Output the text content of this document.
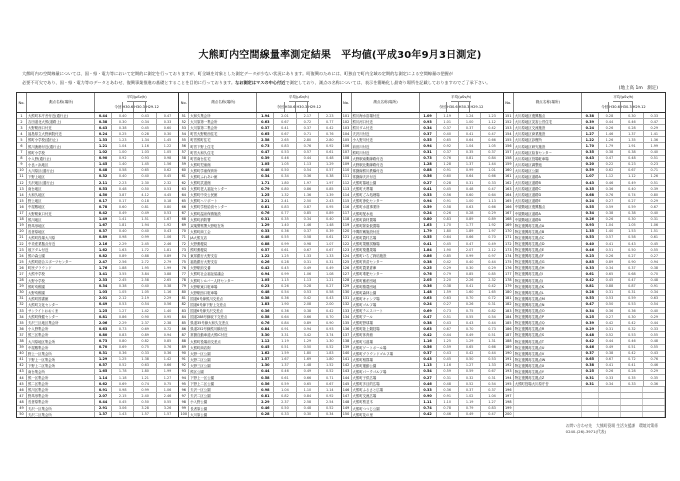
大熊町内空間線量率測定結果　平均値(平成30年9月3日測定)
大熊町内の空間線量については、国・県・電力等において定期的に測定を行っておりますが、町全域を対象とした測定データが少ない状況にあります。町復興のためには、町独自で町内全域の定期的な測定による空間線量の把握が
必要不可欠であり、国・県・電力等のデータとあわせ、復興事業推進の基礎とすることを目的に行っております。なお測定はマスの中心付近で測定しており、測点の名称については、表示を簡略化し最寄り場所を記載しておりますのでご了承下さい。
(地上高 1m　測定)
No.	測点名称(場所)
平均(μSv/h)
今回 H30.6 H30.3 H29.12
1	大熊町本庁舎付近(通行止)	0.44	0.40	0.43	0.47
2	吉田道北大熊(道路上)	0.38	0.30	0.34	0.33
3	大野駅西口付近	0.43	0.38	0.45	0.60
4	福島県立大野病院付近	0.24	0.25	0.28	0.30
5	熊町小学校(通行止)	1.33	1.23	1.34	1.45
6	熊川漁港付近(通行止)	1.21	1.04	1.16	1.22
7	熊町小学校	1.02	1.00	1.03	1.05
8	小入野(通行止)	0.90	0.92	0.93	0.98
9	小良ヶ浜地区	1.45	1.40	1.45	1.56
10	大川原区(通行止)	0.48	0.58	0.65	0.62
11	下野上地区	0.32	0.40	0.40	0.45
12	夫沢地区(通行止)	2.11	2.23	2.30	2.32
13	南台地区	0.53	0.48	0.50	0.53
14	大和久地区	4.50	3.87	4.12	4.45
15	野上地区	0.17	0.17	0.18	0.18
16	中屋敷地区	0.78	0.60	0.81	0.80
17	大野駅東口付近	0.42	0.49	0.49	0.53
18	熊川地区	1.49	1.41	1.51	1.67
19	野馬形地区	1.67	1.81	1.94	1.92
20	長者原地区	0.37	0.40	0.40	0.43
21	大熊町役場大川原	0.89	0.98	0.99	1.06
22	中央産業拠点付近	2.16	2.29	2.45	2.46
23	坂下ダム付近	1.62	1.63	1.72	1.81
24	熊の森公園	0.82	0.89	0.88	0.89
25	大熊町総合スポーツセンター	2.47	2.56	2.72	2.79
26	町民グラウンド	1.76	1.88	1.95	1.99
27	大熊中学校	3.41	3.55	3.84	3.88
28	大野小学校	2.33	2.45	2.58	2.65
29	熊町幼稚園	0.34	0.38	0.40	0.38
30	大野幼稚園	1.03	1.05	1.05	1.16
31	大熊町図書館	2.01	2.12	2.19	2.29
32	大熊町文化センター	0.49	0.53	0.54	0.56
33	サンライトおおくま	1.25	1.27	1.42	1.40
34	大熊町保健センター	0.81	0.86	0.90	0.95
35	夫沢三区地区集会所	2.06	2.29	2.37	2.38
36	小入野集会所	0.63	0.73	0.69	0.72
37	熊三区集会所	0.80	0.83	0.89	0.94
38	大川原地区集会所	0.73	0.80	0.82	0.85
39	中屋敷集会所	0.70	0.69	0.75	0.76
40	野上一区集会所	0.31	0.36	0.33	0.36
41	下野上一区集会所	1.29	1.25	1.38	1.42
42	下野上二区集会所	0.57	0.52	0.63	0.66
43	南台集会所	1.65	1.78	1.80	1.99
44	熊一区集会所	1.14	1.18	1.21	1.27
45	熊二区集会所	0.62	0.69	0.74	0.75
46	熊川区集会所	0.91	0.98	0.99	1.06
47	野馬形集会所	2.07	2.15	2.40	2.46
48	長者原集会所	0.44	0.45	0.50	0.55
49	夫沢一区集会所	2.91	3.06	3.28	3.26
50	夫沢二区集会所	1.37	1.43	1.57	1.57
No.	測点名称(場所)
平均(μSv/h)
今回 H30.6 H30.3 H29.12
51	大和久集会所	1.94	2.01	2.17	2.23
52	大川原第一集会所	0.63	0.67	0.72	0.77
53	大川原第二集会所	0.37	0.41	0.37	0.42
54	町営大野駅西住宅	0.65	0.67	0.71	0.76
55	町営熊町住宅	2.58	2.65	2.80	2.80
56	町営下野上住宅	0.73	0.83	0.76	0.92
57	町営大和久住宅	0.47	0.53	0.57	0.61
58	町営南台住宅	0.39	0.46	0.44	0.48
59	大熊町児童館	1.05	1.05	1.13	1.29
60	大熊町学童保育所	0.48	0.50	0.54	0.57
61	大熊町ふれあい館	0.34	0.34	0.36	0.38
62	大熊町武道館	1.71	1.80	1.97	1.97
63	大熊町老人福祉センター	0.79	0.80	0.86	0.85
64	大熊町中央公民館	1.25	1.32	1.36	1.39
65	大熊町ヘリポート	2.21	2.41	2.50	2.43
66	大熊町学校給食センター	0.81	0.83	0.87	0.95
67	大熊町温泉保養施設	0.76	0.77	0.85	0.89
68	大熊町消防署	0.31	0.35	0.34	0.40
69	双葉警察署大野駐在所	1.29	1.40	1.46	1.48
70	大熊町商工会	0.33	0.36	0.37	0.39
71	JA大熊支店	0.48	0.55	0.58	0.61
72	大野郵便局	0.88	0.99	0.98	1.07
73	熊町郵便局	0.57	0.61	0.67	0.67
74	東邦銀行大野支店	1.22	1.25	1.33	1.33
75	福島銀行大野支店	0.26	0.28	0.31	0.31
76	大野駅前交番	0.42	0.45	0.49	0.49
77	大熊町社会福祉協議会	0.94	0.99	1.06	1.08
78	大熊町シルバー人材センター	1.05	1.15	1.13	1.21
79	大野駅東口駐車場	0.23	0.26	0.28	0.27
80	大野駅西口駐車場	0.48	0.54	0.53	0.58
81	国道6号線熊川交差点	0.38	0.36	0.42	0.43
82	国道6号線下野上交差点	1.83	1.90	2.08	2.00
83	国道6号線夫沢交差点	0.36	0.36	0.38	0.42
84	国道288号線坂下交差点	0.58	0.64	0.66	0.70
85	県道35号線大和久交差点	0.76	0.84	0.89	0.90
86	県道252号線熊川橋付近	0.84	0.91	0.94	0.93
87	常磐自動車道大熊IC付近	3.30	3.31	3.42	3.74
88	大熊町役場前交差点	1.12	1.19	1.29	1.30
89	大熊町商店街	0.45	0.51	0.50	0.52
90	大野一区公園	1.62	1.59	1.80	1.83
91	大野二区公園	1.57	1.67	1.69	1.80
92	大野三区公園	1.30	1.37	1.48	1.52
93	熊区公園	0.44	0.46	0.49	0.52
94	下野上一区公園	0.58	0.61	0.66	0.71
95	下野上二区公園	0.56	0.59	0.65	0.67
96	夫沢一区公園	0.98	1.04	1.10	1.14
97	夫沢二区公園	0.81	0.82	0.84	0.92
98	小入野公園	2.29	2.37	2.58	2.54
99	長者原公園	0.46	0.50	0.48	0.52
100 大川原公園	0.28	0.33	0.30	0.34
No.	測点名称(場所)
平均(μSv/h)
今回 H30.6 H30.3 H29.12
101 熊川海水浴場付近	1.09	1.19	1.24	1.23
102 熊川河口付近	0.93	1.01	1.00	1.12
103 熊川ダム付近	0.34	0.37	0.37	0.42
104 夫沢川付近	0.37	0.40	0.41	0.47
105 小入野川付近	0.55	0.65	0.64	0.66
106 前田川付近	0.94	0.92	1.04	1.05
107 熊町川付近	0.31	0.37	0.35	0.37
108 大野駅南側線路付近	0.73	0.76	0.81	0.84
109 大野駅北側線路付近	1.28	1.28	1.37	1.44
110 常磐線熊川鉄橋付近	0.88	0.91	0.99	1.01
111 常磐線夫沢付近	0.56	0.60	0.64	0.66
112 大熊町墓地公園	0.27	0.28	0.31	0.33
113 大熊町火葬場	0.41	0.45	0.48	0.47
114 大熊町ごみ処理場	0.53	0.56	0.60	0.64
115 大熊町浄化センター	0.94	0.91	1.00	1.13
116 大熊町水道事業所	0.59	0.58	0.63	0.66
117 大熊町配水池	0.24	0.26	0.28	0.29
118 大熊町資材置場	0.80	0.83	0.89	0.89
119 大熊町除染仮置場	1.63	1.70	1.77	1.92
120 中間貯蔵施設付近	1.79	1.80	1.89	1.97
121 大熊町農村広場	0.55	0.64	0.66	0.70
122 大熊町果樹試験場	0.41	0.45	0.47	0.49
123 大熊町梨選果場	1.84	1.90	2.07	2.12
124 大熊町いちご栽培施設	0.86	0.85	0.99	0.97
125 大熊町育苗センター	0.38	0.42	0.40	0.44
126 大熊町農業倉庫	0.25	0.29	0.30	0.29
127 大熊町堆肥センター	0.76	0.79	0.85	0.85
128 大熊町畜産団地	2.05	2.20	2.26	2.32
129 大熊町酪農団地	0.36	0.38	0.41	0.42
130 大熊町森林公園	1.48	1.59	1.60	1.65
131 大熊町キャンプ場	0.63	0.63	0.70	0.72
132 大熊町ゴルフ場	0.24	0.27	0.26	0.31
133 大熊町テニスコート	0.69	0.73	0.75	0.82
134 大熊町プール	0.47	0.51	0.55	0.54
135 大熊町野球場	0.38	0.43	0.43	0.44
136 大熊町陸上競技場	0.63	0.67	0.70	0.73
137 大熊町体育館	0.42	0.44	0.49	0.51
138 大熊町弓道場	1.16	1.25	1.29	1.31
139 大熊町ゲートボール場	0.56	0.59	0.65	0.66
140 大熊町グラウンドゴルフ場	0.37	0.43	0.42	0.44
141 大熊町相撲場	0.43	0.45	0.50	0.53
142 大熊町運動公園	1.13	1.16	1.27	1.33
143 大熊町パークゴルフ場	0.54	0.59	0.59	0.67
144 大熊町子供広場	0.27	0.31	0.32	0.31
145 大熊町多目的広場	0.46	0.48	0.52	0.54
146 大熊町ふるさと広場	0.33	0.36	0.37	0.37
147 大熊町交流広場	0.90	0.91	1.02	1.04
148 大熊町桜並木	1.11	1.10	1.19	1.27
149 大熊町つつじ公園	0.74	0.78	0.79	0.83
150 大熊町花の里	0.42	0.46	0.49	0.47
No.	測点名称(場所)
平均(μSv/h)
今回 H30.6 H30.3 H29.12
151 大川原地区復興拠点	0.38	0.28	0.30	0.33
152 大川原地区災害公営住宅	0.39	0.44	0.46	0.47
153 大川原地区交流施設	0.24	0.26	0.28	0.29
154 大川原地区商業施設	1.27	1.46	1.37	1.41
155 大川原地区診療所	1.22	1.26	1.35	1.36
156 大川原地区研究施設	1.70	1.79	1.91	1.99
157 大川原地区給食センター	0.35	0.38	0.38	0.40
158 大川原地区役場駐車場	0.43	0.47	0.48	0.51
159 大川原地区調整池	0.20	0.22	0.23	0.23
160 大川原地区公園	0.59	0.62	0.67	0.71
161 大川原地区道路A	1.07	1.12	1.12	1.26
162 大川原地区道路B	0.43	0.46	0.49	0.51
163 大川原地区道路C	0.35	0.36	0.40	0.39
164 大川原地区道路D	0.68	0.76	0.74	0.80
165 大川原地区道路E	0.24	0.27	0.27	0.29
166 中屋敷地区復興拠点	0.55	0.59	0.59	0.67
167 中屋敷地区道路A	0.34	0.38	0.38	0.40
168 中屋敷地区道路B	0.26	0.26	0.30	0.31
169 特定復興再生拠点A	0.93	1.04	1.05	1.06
170 特定復興再生拠点B	1.35	1.40	1.53	1.51
171 特定復興再生拠点C	0.53	0.57	0.58	0.61
172 特定復興再生拠点D	0.40	0.41	0.43	0.45
173 特定復興再生拠点E	0.46	0.51	0.50	0.55
174 特定復興再生拠点F	0.23	0.26	0.27	0.27
175 特定復興再生拠点G	0.85	0.89	0.90	0.94
176 特定復興再生拠点H	0.33	0.34	0.37	0.38
177 特定復興再生拠点I	0.61	0.65	0.68	0.70
178 特定復興再生拠点J	0.42	0.45	0.47	0.48
179 特定復興再生拠点K	0.81	0.88	0.87	0.91
180 特定復興再生拠点L	0.28	0.31	0.31	0.34
181 特定復興再生拠点M	0.53	0.53	0.59	0.63
182 特定復興再生拠点N	0.47	0.50	0.53	0.54
183 特定復興再生拠点O	0.34	0.36	0.36	0.40
184 特定復興再生拠点P	0.25	0.27	0.30	0.29
185 特定復興再生拠点Q	0.39	0.42	0.42	0.44
186 特定復興再生拠点R	0.29	0.31	0.32	0.33
187 特定復興再生拠点S	0.48	0.52	0.53	0.55
188 特定復興再生拠点T	0.42	0.44	0.46	0.48
189 特定復興再生拠点U	0.46	0.49	0.51	0.55
190 特定復興再生拠点V	0.37	0.38	0.42	0.43
191 特定復興再生拠点W	0.65	0.67	0.72	0.76
192 特定復興再生拠点X	0.38	0.41	0.41	0.46
193 特定復興再生拠点Y	0.25	0.26	0.28	0.29
194 特定復興再生拠点Z	0.31	0.33	0.35	0.35
195 大熊町役場大川原庁舎	0.31	0.34	0.33	0.36
196
197
198
199
200
お問い合わせ先　大熊町役場 生活支援課　環境対策係
0240-(26)-3971(代表)
